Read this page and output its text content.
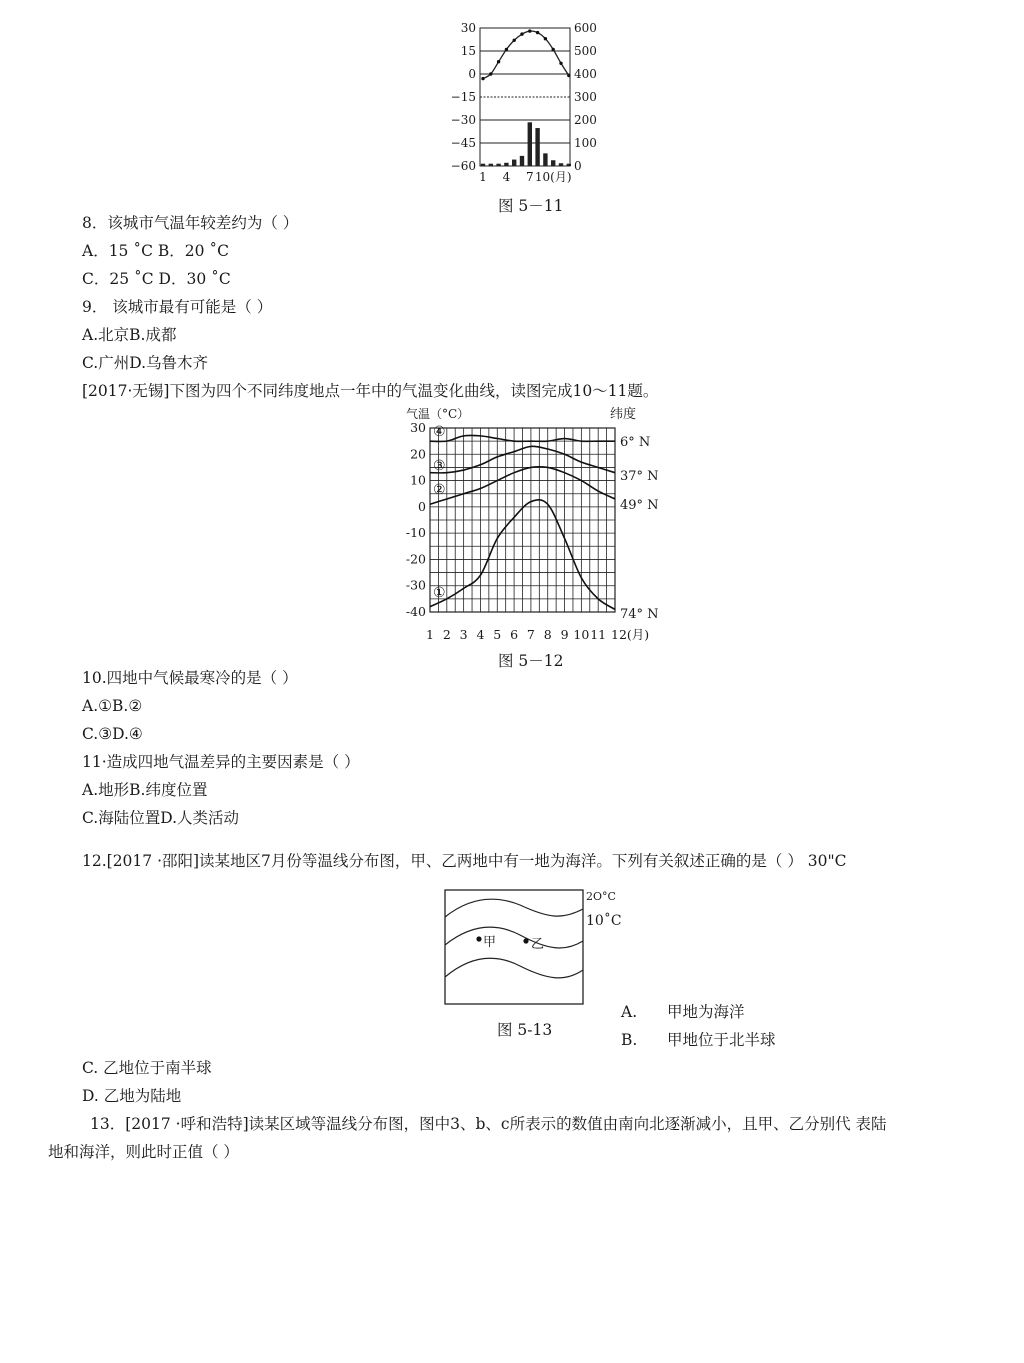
30
15
0
−15
−30
−45
−60
600
500
400
300
200
100
0
1 4 7 10(月)
图 5－11
8．该城市气温年较差约为（ ）
A．15 ˚C B．20 ˚C
C．25 ˚C D．30 ˚C
9． 该城市最有可能是（ ）
A.北京B.成都
C.广州D.乌鲁木齐
[2017·无锡]下图为四个不同纬度地点一年中的气温变化曲线，读图完成10～11题。
气温（°C）	纬度
30
20
10
0
-10
-20
-30
-40
1 2 3 4 5 6 7 8 9 10 11 12(月)
④
③
②
①
6° N
37° N
49° N
74° N
图 5－12
10.四地中气候最寒冷的是（ ）
A.①B.②
C.③D.④
11·造成四地气温差异的主要因素是（ ）
A.地形B.纬度位置
C.海陆位置D.人类活动
12.[2017 ·邵阳]读某地区7月份等温线分布图，甲、乙两地中有一地为海洋。下列有关叙述正确的是（ ） 30"C
甲	乙
2O°C
10˚C
图 5-13
A. 甲地为海洋
B. 甲地位于北半球
C. 乙地位于南半球
D. 乙地为陆地
13．[2017 ·呼和浩特]读某区域等温线分布图，图中3、b、c所表示的数值由南向北逐渐减小，且甲、乙分别代 表陆
地和海洋，则此时正值（ ）
